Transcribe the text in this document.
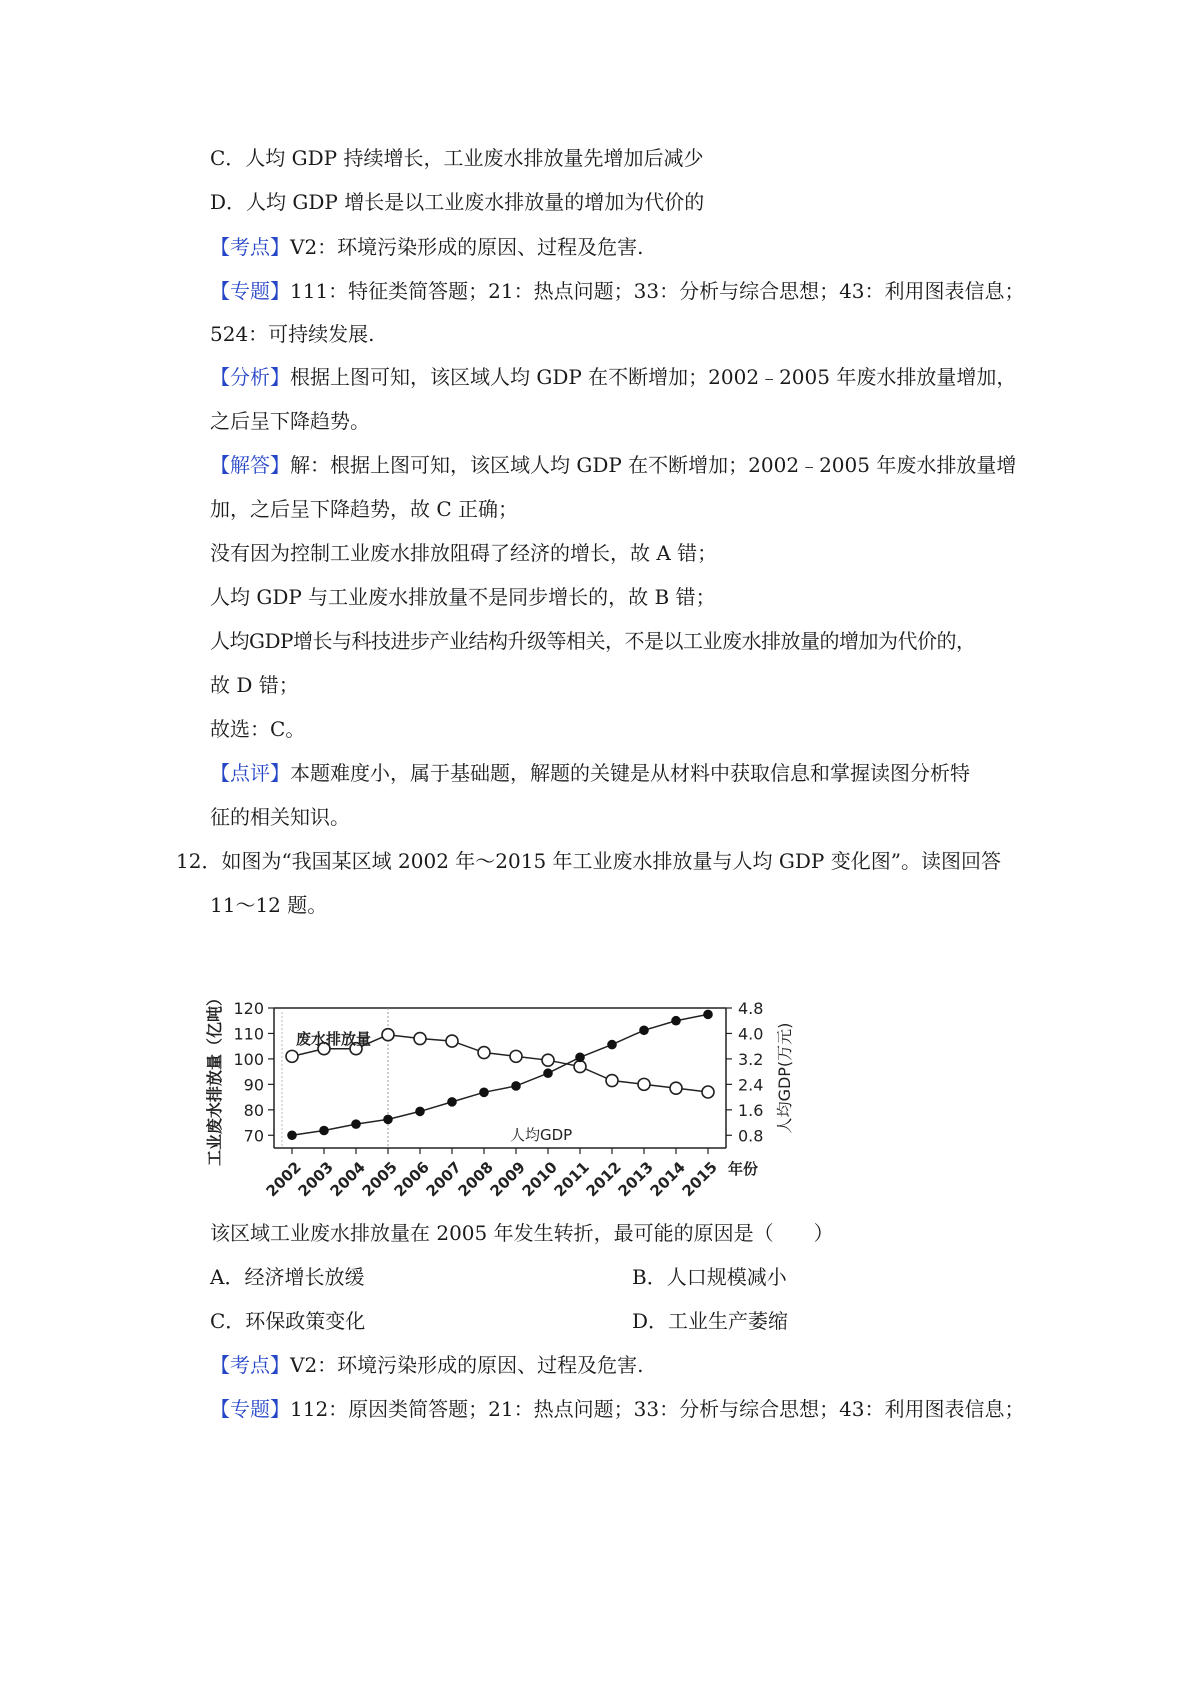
C．人均 GDP 持续增长，工业废水排放量先增加后减少
D．人均 GDP 增长是以工业废水排放量的增加为代价的
【考点】V2：环境污染形成的原因、过程及危害.
【专题】111：特征类简答题；21：热点问题；33：分析与综合思想；43：利用图表信息；
524：可持续发展.
【分析】根据上图可知，该区域人均 GDP 在不断增加；2002﹣2005 年废水排放量增加，
之后呈下降趋势。
【解答】解：根据上图可知，该区域人均 GDP 在不断增加；2002﹣2005 年废水排放量增
加，之后呈下降趋势，故 C 正确；
没有因为控制工业废水排放阻碍了经济的增长，故 A 错；
人均 GDP 与工业废水排放量不是同步增长的，故 B 错；
人均GDP增长与科技进步产业结构升级等相关，不是以工业废水排放量的增加为代价的，
故 D 错；
故选：C。
【点评】本题难度小，属于基础题，解题的关键是从材料中获取信息和掌握读图分析特
征的相关知识。
12．如图为“我国某区域 2002 年～2015 年工业废水排放量与人均 GDP 变化图”。读图回答
11～12 题。
70
80
90
100
110
120
0.8
1.6
2.4
3.2
4.0
4.8
2002
2003
2004
2005
2006
2007
2008
2009
2010
2011
2012
2013
2014
2015 年份
工业废水排放量（亿吨）	人均GDP(万元)
废水排放量
人均GDP
该区域工业废水排放量在 2005 年发生转折，最可能的原因是（　　）
A．经济增长放缓	B．人口规模减小
C．环保政策变化	D．工业生产萎缩
【考点】V2：环境污染形成的原因、过程及危害.
【专题】112：原因类简答题；21：热点问题；33：分析与综合思想；43：利用图表信息；
